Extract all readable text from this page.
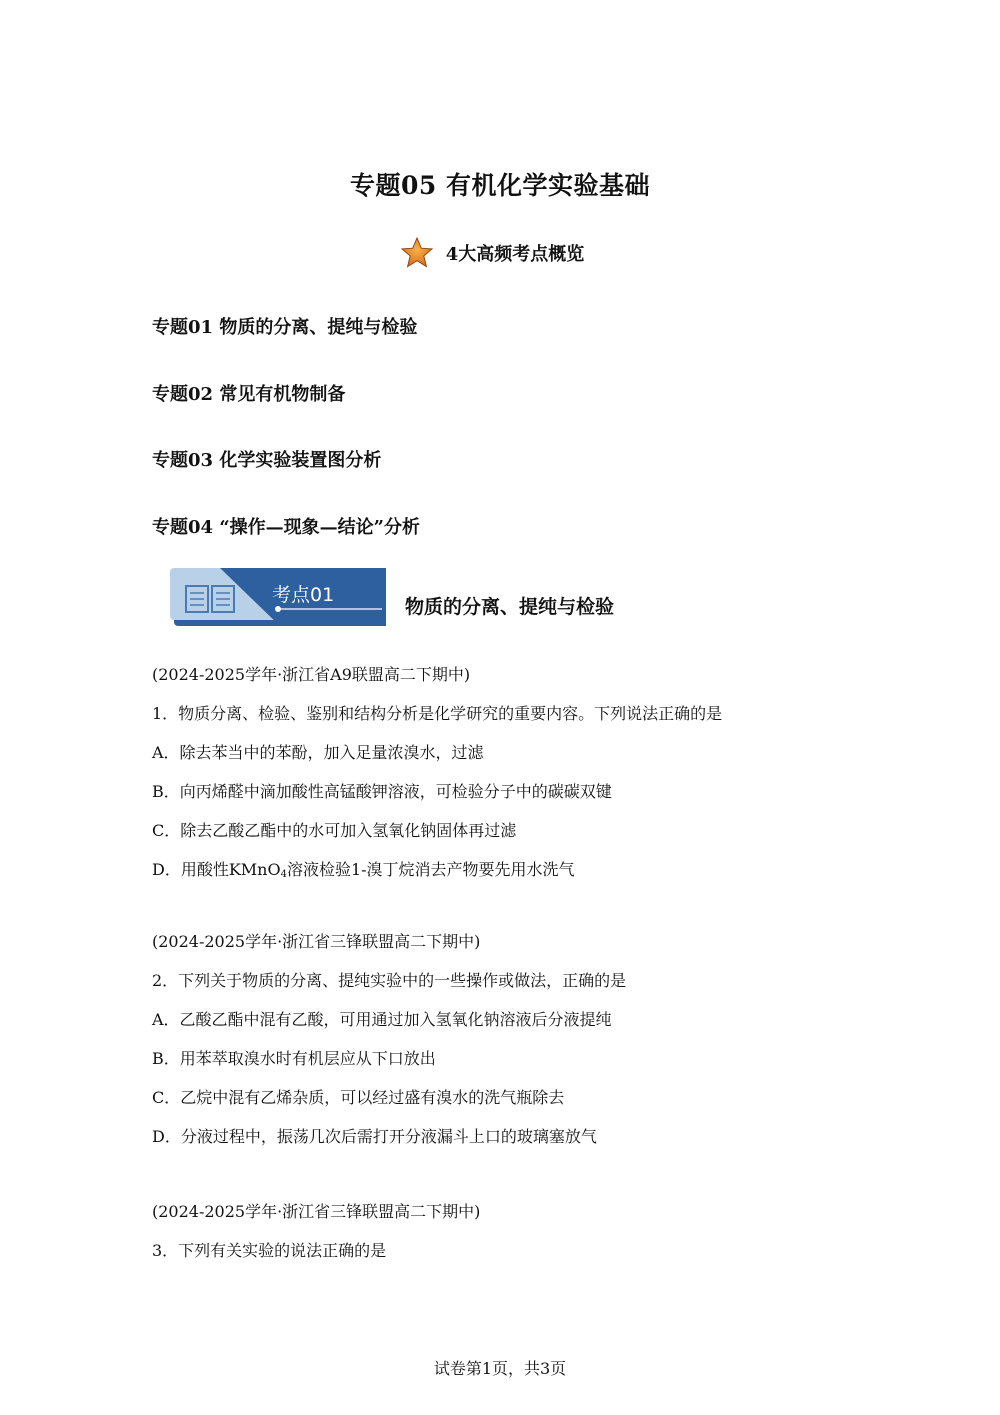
专题05 有机化学实验基础
4大高频考点概览
专题01 物质的分离、提纯与检验
专题02 常见有机物制备
专题03 化学实验装置图分析
专题04 “操作—现象—结论”分析
考点01
物质的分离、提纯与检验
(2024-2025学年·浙江省A9联盟高二下期中)
1．物质分离、检验、鉴别和结构分析是化学研究的重要内容。下列说法正确的是
A．除去苯当中的苯酚，加入足量浓溴水，过滤
B．向丙烯醛中滴加酸性高锰酸钾溶液，可检验分子中的碳碳双键
C．除去乙酸乙酯中的水可加入氢氧化钠固体再过滤
D．用酸性KMnO$_4$溶液检验1-溴丁烷消去产物要先用水洗气
(2024-2025学年·浙江省三锋联盟高二下期中)
2．下列关于物质的分离、提纯实验中的一些操作或做法，正确的是
A．乙酸乙酯中混有乙酸，可用通过加入氢氧化钠溶液后分液提纯
B．用苯萃取溴水时有机层应从下口放出
C．乙烷中混有乙烯杂质，可以经过盛有溴水的洗气瓶除去
D．分液过程中，振荡几次后需打开分液漏斗上口的玻璃塞放气
(2024-2025学年·浙江省三锋联盟高二下期中)
3．下列有关实验的说法正确的是
试卷第1页，共3页
